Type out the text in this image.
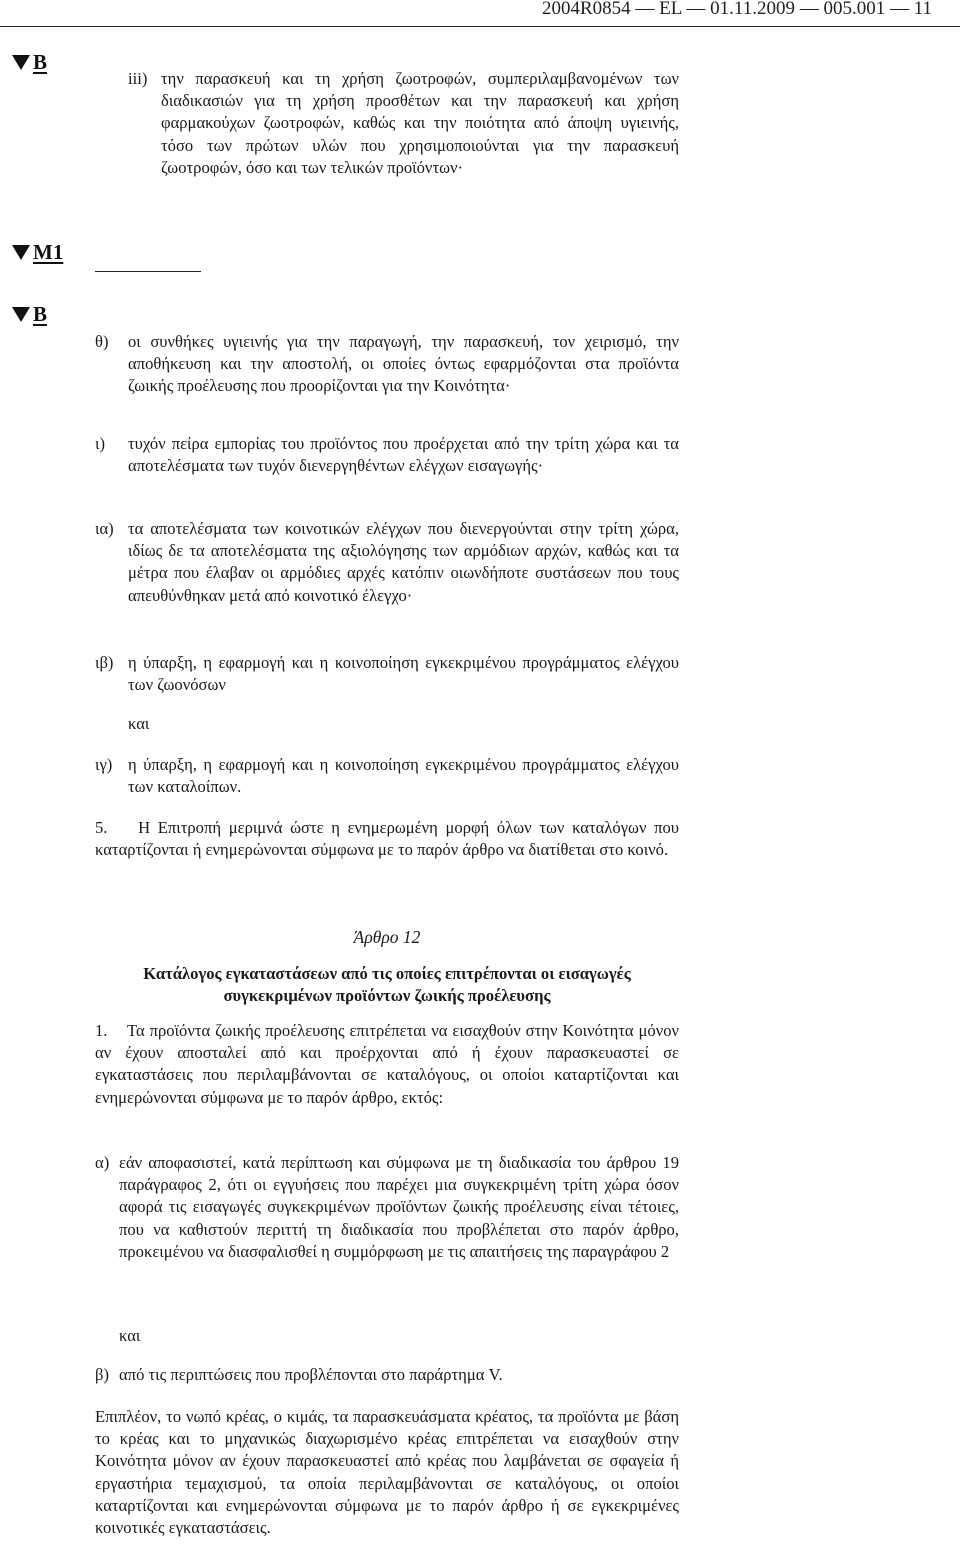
2004R0854 — EL — 01.11.2009 — 005.001 — 11
B
M1
B
iii) την παρασκευή και τη χρήση ζωοτροφών, συμπεριλαμβανομένων των διαδικασιών για τη χρήση προσθέτων και την παρασκευή και χρήση φαρμακούχων ζωοτροφών, καθώς και την ποιότητα από άποψη υγιεινής, τόσο των πρώτων υλών που χρησιμοποιούνται για την παρασκευή ζωοτροφών, όσο και των τελικών προϊόντων·
θ) οι συνθήκες υγιεινής για την παραγωγή, την παρασκευή, τον χειρισμό, την αποθήκευση και την αποστολή, οι οποίες όντως εφαρμόζονται στα προϊόντα ζωικής προέλευσης που προορίζονται για την Κοινότητα·
ι) τυχόν πείρα εμπορίας του προϊόντος που προέρχεται από την τρίτη χώρα και τα αποτελέσματα των τυχόν διενεργηθέντων ελέγχων εισαγωγής·
ια) τα αποτελέσματα των κοινοτικών ελέγχων που διενεργούνται στην τρίτη χώρα, ιδίως δε τα αποτελέσματα της αξιολόγησης των αρμόδιων αρχών, καθώς και τα μέτρα που έλαβαν οι αρμόδιες αρχές κατόπιν οιωνδήποτε συστάσεων που τους απευθύνθηκαν μετά από κοινοτικό έλεγχο·
ιβ) η ύπαρξη, η εφαρμογή και η κοινοποίηση εγκεκριμένου προγράμματος ελέγχου των ζωονόσων
και
ιγ) η ύπαρξη, η εφαρμογή και η κοινοποίηση εγκεκριμένου προγράμματος ελέγχου των καταλοίπων.
5. Η Επιτροπή μεριμνά ώστε η ενημερωμένη μορφή όλων των καταλόγων που καταρτίζονται ή ενημερώνονται σύμφωνα με το παρόν άρθρο να διατίθεται στο κοινό.
Άρθρο 12
Κατάλογος εγκαταστάσεων από τις οποίες επιτρέπονται οι εισαγωγές συγκεκριμένων προϊόντων ζωικής προέλευσης
1. Τα προϊόντα ζωικής προέλευσης επιτρέπεται να εισαχθούν στην Κοινότητα μόνον αν έχουν αποσταλεί από και προέρχονται από ή έχουν παρασκευαστεί σε εγκαταστάσεις που περιλαμβάνονται σε καταλόγους, οι οποίοι καταρτίζονται και ενημερώνονται σύμφωνα με το παρόν άρθρο, εκτός:
α) εάν αποφασιστεί, κατά περίπτωση και σύμφωνα με τη διαδικασία του άρθρου 19 παράγραφος 2, ότι οι εγγυήσεις που παρέχει μια συγκεκριμένη τρίτη χώρα όσον αφορά τις εισαγωγές συγκεκριμένων προϊόντων ζωικής προέλευσης είναι τέτοιες, που να καθιστούν περιττή τη διαδικασία που προβλέπεται στο παρόν άρθρο, προκειμένου να διασφαλισθεί η συμμόρφωση με τις απαιτήσεις της παραγράφου 2
και
β) από τις περιπτώσεις που προβλέπονται στο παράρτημα V.
Επιπλέον, το νωπό κρέας, ο κιμάς, τα παρασκευάσματα κρέατος, τα προϊόντα με βάση το κρέας και το μηχανικώς διαχωρισμένο κρέας επιτρέπεται να εισαχθούν στην Κοινότητα μόνον αν έχουν παρασκευαστεί από κρέας που λαμβάνεται σε σφαγεία ή εργαστήρια τεμαχισμού, τα οποία περιλαμβάνονται σε καταλόγους, οι οποίοι καταρτίζονται και ενημερώνονται σύμφωνα με το παρόν άρθρο ή σε εγκεκριμένες κοινοτικές εγκαταστάσεις.
